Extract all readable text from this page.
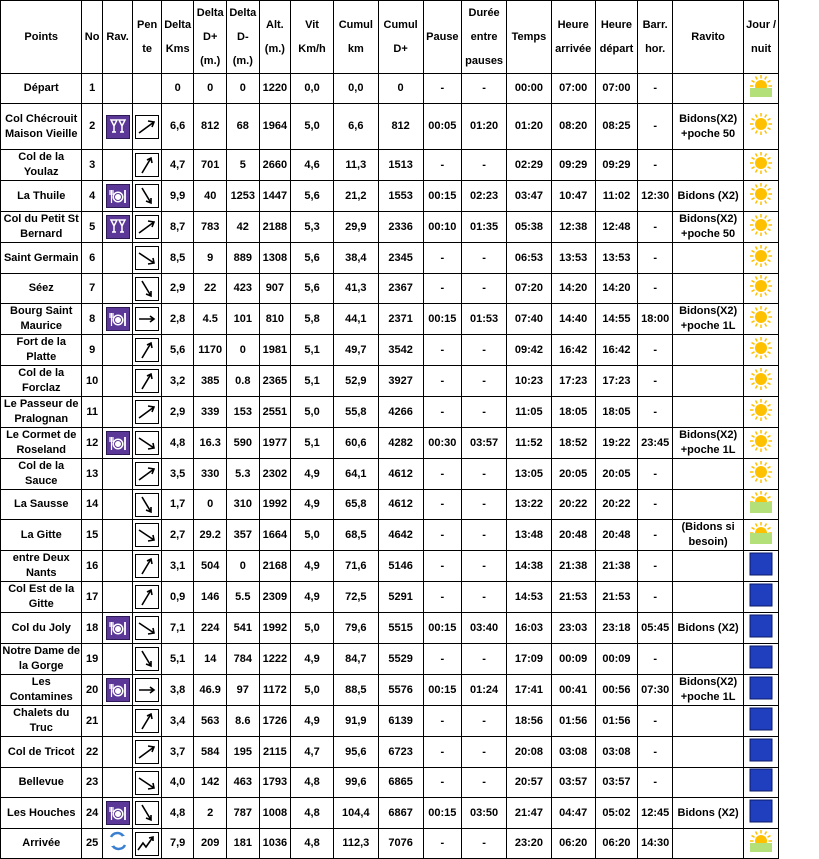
Points	No	Rav.	Pen te	Delta Kms	Delta D+ (m.)	Delta D- (m.)	Alt. (m.)	Vit Km/h	Cumul km	Cumul D+	Pause	Durée entre pauses	Temps	Heure arrivée	Heure départ	Barr. hor.	Ravito	Jour / nuit
Départ	1			0	0	0	1220	0,0	0,0	0	-	-	00:00	07:00	07:00	-		
Col Chécrouit Maison Vieille	2			6,6	812	68	1964	5,0	6,6	812	00:05	01:20	01:20	08:20	08:25	-	Bidons(X2) +poche 50	
Col de la Youlaz	3			4,7	701	5	2660	4,6	11,3	1513	-	-	02:29	09:29	09:29	-		
La Thuile	4			9,9	40	1253	1447	5,6	21,2	1553	00:15	02:23	03:47	10:47	11:02	12:30	Bidons (X2)	
Col du Petit St Bernard	5			8,7	783	42	2188	5,3	29,9	2336	00:10	01:35	05:38	12:38	12:48	-	Bidons(X2) +poche 50	
Saint Germain	6			8,5	9	889	1308	5,6	38,4	2345	-	-	06:53	13:53	13:53	-		
Séez	7			2,9	22	423	907	5,6	41,3	2367	-	-	07:20	14:20	14:20	-		
Bourg Saint Maurice	8			2,8	4.5	101	810	5,8	44,1	2371	00:15	01:53	07:40	14:40	14:55	18:00	Bidons(X2) +poche 1L	
Fort de la Platte	9			5,6	1170	0	1981	5,1	49,7	3542	-	-	09:42	16:42	16:42	-		
Col de la Forclaz	10			3,2	385	0.8	2365	5,1	52,9	3927	-	-	10:23	17:23	17:23	-		
Le Passeur de Pralognan	11			2,9	339	153	2551	5,0	55,8	4266	-	-	11:05	18:05	18:05	-		
Le Cormet de Roseland	12			4,8	16.3	590	1977	5,1	60,6	4282	00:30	03:57	11:52	18:52	19:22	23:45	Bidons(X2) +poche 1L	
Col de la Sauce	13			3,5	330	5.3	2302	4,9	64,1	4612	-	-	13:05	20:05	20:05	-		
La Sausse	14			1,7	0	310	1992	4,9	65,8	4612	-	-	13:22	20:22	20:22	-		
La Gitte	15			2,7	29.2	357	1664	5,0	68,5	4642	-	-	13:48	20:48	20:48	-	(Bidons si besoin)	
entre Deux Nants	16			3,1	504	0	2168	4,9	71,6	5146	-	-	14:38	21:38	21:38	-		
Col Est de la Gitte	17			0,9	146	5.5	2309	4,9	72,5	5291	-	-	14:53	21:53	21:53	-		
Col du Joly	18			7,1	224	541	1992	5,0	79,6	5515	00:15	03:40	16:03	23:03	23:18	05:45	Bidons (X2)	
Notre Dame de la Gorge	19			5,1	14	784	1222	4,9	84,7	5529	-	-	17:09	00:09	00:09	-		
Les Contamines	20			3,8	46.9	97	1172	5,0	88,5	5576	00:15	01:24	17:41	00:41	00:56	07:30	Bidons(X2) +poche 1L	
Chalets du Truc	21			3,4	563	8.6	1726	4,9	91,9	6139	-	-	18:56	01:56	01:56	-		
Col de Tricot	22			3,7	584	195	2115	4,7	95,6	6723	-	-	20:08	03:08	03:08	-		
Bellevue	23			4,0	142	463	1793	4,8	99,6	6865	-	-	20:57	03:57	03:57	-		
Les Houches	24			4,8	2	787	1008	4,8	104,4	6867	00:15	03:50	21:47	04:47	05:02	12:45	Bidons (X2)	
Arrivée	25			7,9	209	181	1036	4,8	112,3	7076	-	-	23:20	06:20	06:20	14:30		
